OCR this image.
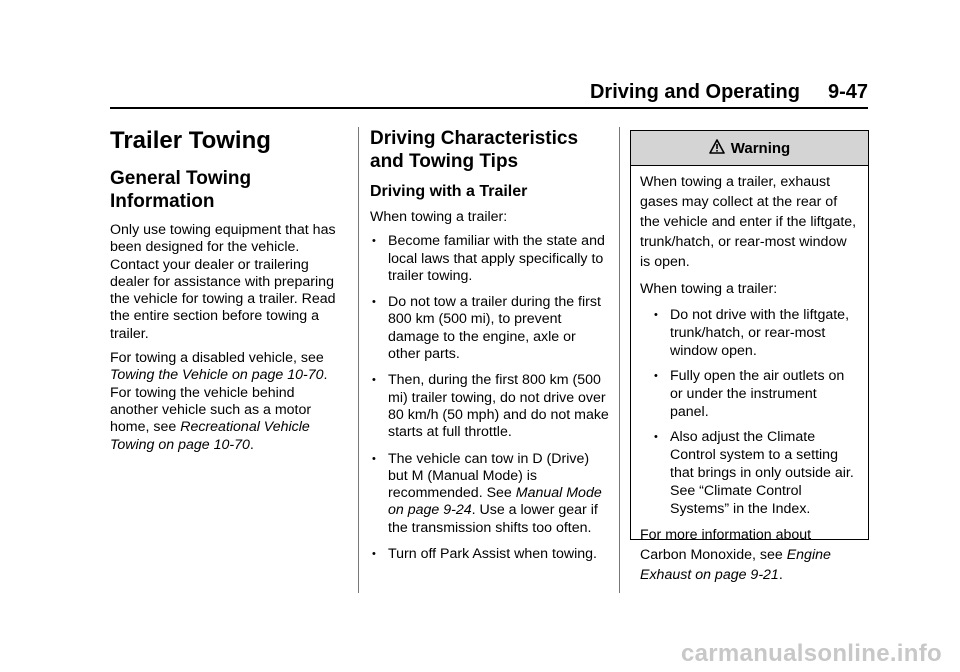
Driving and Operating 9-47
Trailer Towing
General Towing Information

Only use towing equipment that has been designed for the vehicle. Contact your dealer or trailering dealer for assistance with preparing the vehicle for towing a trailer. Read the entire section before towing a trailer.

For towing a disabled vehicle, see Towing the Vehicle on page 10-70. For towing the vehicle behind another vehicle such as a motor home, see Recreational Vehicle Towing on page 10-70.

Driving Characteristics and Towing Tips
Driving with a Trailer

When towing a trailer:

• Become familiar with the state and local laws that apply specifically to trailer towing.
• Do not tow a trailer during the first 800 km (500 mi), to prevent damage to the engine, axle or other parts.
• Then, during the first 800 km (500 mi) trailer towing, do not drive over 80 km/h (50 mph) and do not make starts at full throttle.
• The vehicle can tow in D (Drive) but M (Manual Mode) is recommended. See Manual Mode on page 9-24. Use a lower gear if the transmission shifts too often.
• Turn off Park Assist when towing.
Warning

When towing a trailer, exhaust gases may collect at the rear of the vehicle and enter if the liftgate, trunk/hatch, or rear-most window is open.

When towing a trailer:

• Do not drive with the liftgate, trunk/hatch, or rear-most window open.
• Fully open the air outlets on or under the instrument panel.
• Also adjust the Climate Control system to a setting that brings in only outside air. See “Climate Control Systems” in the Index.

For more information about Carbon Monoxide, see Engine Exhaust on page 9-21.

carmanualsonline.info
